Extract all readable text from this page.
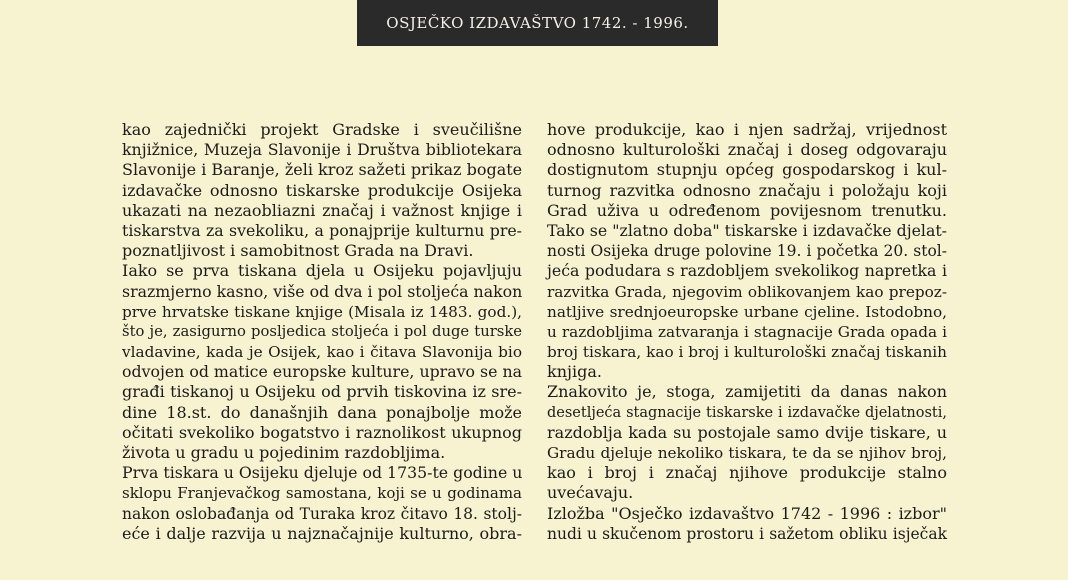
OSJEČKO IZDAVAŠTVO 1742. - 1996.
kao zajednički projekt Gradske i sveučilišne
knjižnice, Muzeja Slavonije i Društva bibliotekara
Slavonije i Baranje, želi kroz sažeti prikaz bogate
izdavačke odnosno tiskarske produkcije Osijeka
ukazati na nezaobliazni značaj i važnost knjige i
tiskarstva za svekoliku, a ponajprije kulturnu pre-
poznatljivost i samobitnost Grada na Dravi.
Iako se prva tiskana djela u Osijeku pojavljuju
srazmjerno kasno, više od dva i pol stoljeća nakon
prve hrvatske tiskane knjige (Misala iz 1483. god.),
što je, zasigurno posljedica stoljeća i pol duge turske
vladavine, kada je Osijek, kao i čitava Slavonija bio
odvojen od matice europske kulture, upravo se na
građi tiskanoj u Osijeku od prvih tiskovina iz sre-
dine 18.st. do današnjih dana ponajbolje može
očitati svekoliko bogatstvo i raznolikost ukupnog
života u gradu u pojedinim razdobljima.
Prva tiskara u Osijeku djeluje od 1735-te godine u
sklopu Franjevačkog samostana, koji se u godinama
nakon oslobađanja od Turaka kroz čitavo 18. stolj-
eće i dalje razvija u najznačajnije kulturno, obra-
hove produkcije, kao i njen sadržaj, vrijednost
odnosno kulturološki značaj i doseg odgovaraju
dostignutom stupnju općeg gospodarskog i kul-
turnog razvitka odnosno značaju i položaju koji
Grad uživa u određenom povijesnom trenutku.
Tako se "zlatno doba" tiskarske i izdavačke djelat-
nosti Osijeka druge polovine 19. i početka 20. stol-
jeća podudara s razdobljem svekolikog napretka i
razvitka Grada, njegovim oblikovanjem kao prepoz-
natljive srednjoeuropske urbane cjeline. Istodobno,
u razdobljima zatvaranja i stagnacije Grada opada i
broj tiskara, kao i broj i kulturološki značaj tiskanih
knjiga.
Znakovito je, stoga, zamijetiti da danas nakon
desetljeća stagnacije tiskarske i izdavačke djelatnosti,
razdoblja kada su postojale samo dvije tiskare, u
Gradu djeluje nekoliko tiskara, te da se njihov broj,
kao i broj i značaj njihove produkcije stalno
uvećavaju.
Izložba "Osječko izdavaštvo 1742 - 1996 : izbor"
nudi u skučenom prostoru i sažetom obliku isječak
